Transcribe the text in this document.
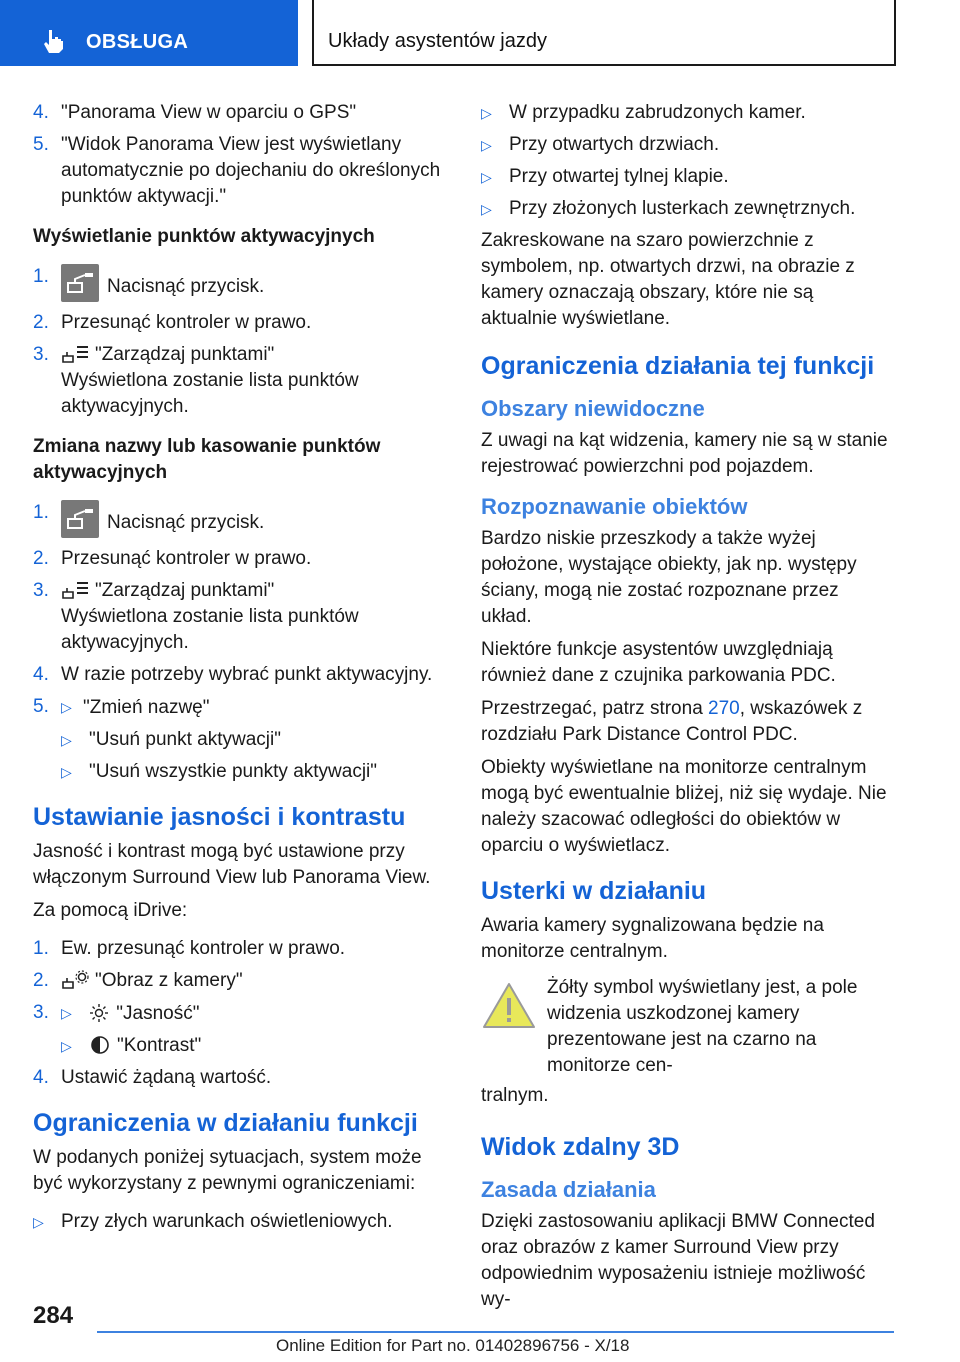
OBSŁUGA	Układy asystentów jazdy
4. "Panorama View w oparciu o GPS"
5. "Widok Panorama View jest wyświetlany automatycznie po dojechaniu do określonych punktów aktywacji."
Wyświetlanie punktów aktywacyjnych
1.	Nacisnąć przycisk.
2. Przesunąć kontroler w prawo.
3. "Zarządzaj punktami"
Wyświetlona zostanie lista punktów aktywacyjnych.
Zmiana nazwy lub kasowanie punktów aktywacyjnych
1.	Nacisnąć przycisk.
2. Przesunąć kontroler w prawo.
3. "Zarządzaj punktami"
Wyświetlona zostanie lista punktów aktywacyjnych.
4. W razie potrzeby wybrać punkt aktywacyjny.
5. ▷ "Zmień nazwę"
▷ "Usuń punkt aktywacji"
▷ "Usuń wszystkie punkty aktywacji"
Ustawianie jasności i kontrastu

Jasność i kontrast mogą być ustawione przy włączonym Surround View lub Panorama View.

Za pomocą iDrive:

1. Ew. przesunąć kontroler w prawo.
2. "Obraz z kamery"
3. ▷ "Jasność"
▷	"Kontrast"
4. Ustawić żądaną wartość.
Ograniczenia w działaniu funkcji

W podanych poniżej sytuacjach, system może być wykorzystany z pewnymi ograniczeniami:

▷ Przy złych warunkach oświetleniowych.
▷ W przypadku zabrudzonych kamer.
▷ Przy otwartych drzwiach.
▷ Przy otwartej tylnej klapie.
▷ Przy złożonych lusterkach zewnętrznych.

Zakreskowane na szaro powierzchnie z symbolem, np. otwartych drzwi, na obrazie z kamery oznaczają obszary, które nie są aktualnie wyświetlane.

Ograniczenia działania tej funkcji
Obszary niewidoczne

Z uwagi na kąt widzenia, kamery nie są w stanie rejestrować powierzchni pod pojazdem.

Rozpoznawanie obiektów

Bardzo niskie przeszkody a także wyżej położone, wystające obiekty, jak np. występy ściany, mogą nie zostać rozpoznane przez układ.

Niektóre funkcje asystentów uwzględniają również dane z czujnika parkowania PDC.

Przestrzegać, patrz strona 270, wskazówek z rozdziału Park Distance Control PDC.

Obiekty wyświetlane na monitorze centralnym mogą być ewentualnie bliżej, niż się wydaje. Nie należy szacować odległości do obiektów w oparciu o wyświetlacz.

Usterki w działaniu

Awaria kamery sygnalizowana będzie na monitorze centralnym.

Żółty symbol wyświetlany jest, a pole widzenia uszkodzonej kamery prezentowane jest na czarno na monitorze cen-
tralnym.
Widok zdalny 3D
Zasada działania

Dzięki zastosowaniu aplikacji BMW Connected oraz obrazów z kamer Surround View przy odpowiednim wyposażeniu istnieje możliwość wy-

284
Online Edition for Part no. 01402896756 - X/18
